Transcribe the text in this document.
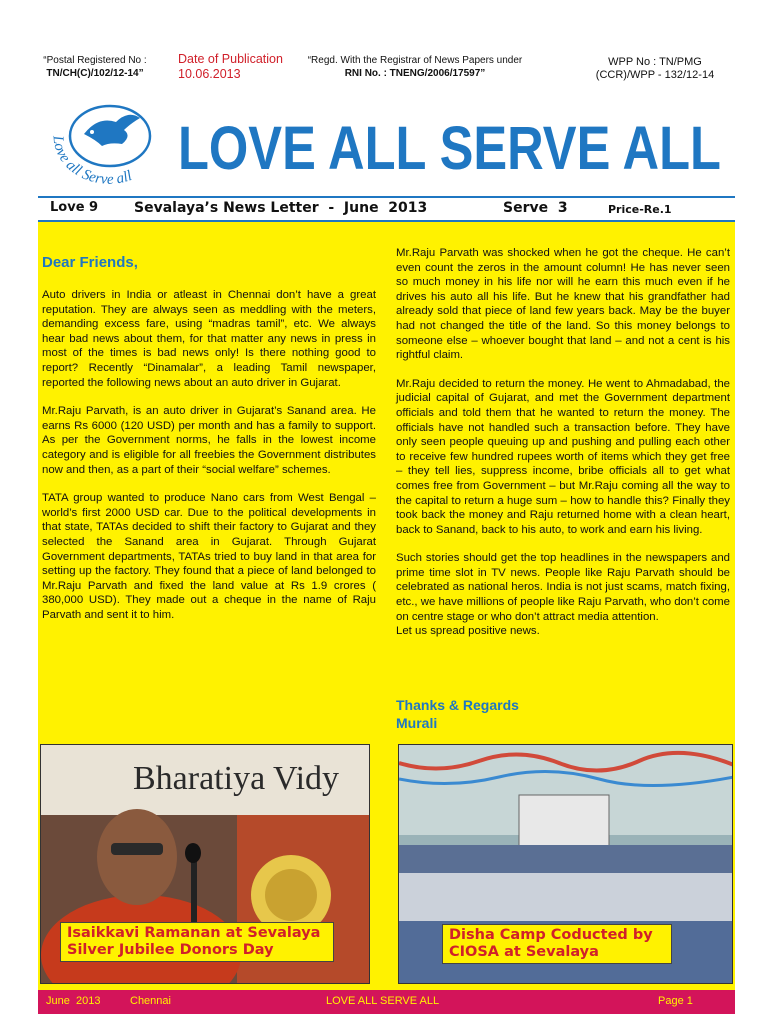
“Postal Registered No :
TN/CH(C)/102/12-14”
Date of Publication
10.06.2013
“Regd. With the Registrar of News Papers under
RNI No. : TNENG/2006/17597”
WPP No : TN/PMG
(CCR)/WPP - 132/12-14
Love all Serve all LOVE ALL SERVE ALL
Love 9	Sevalaya’s News Letter  -  June  2013	Serve  3	Price-Re.1
Dear Friends,

Auto drivers in India or atleast in Chennai don’t have a great reputation. They are always seen as meddling with the meters, demanding excess fare, using “madras tamil”, etc. We always hear bad news about them, for that matter any news in press in most of the times is bad news only! Is there nothing good to report? Recently “Dinamalar”, a leading Tamil newspaper, reported the following news about an auto driver in Gujarat.

Mr.Raju Parvath, is an auto driver in Gujarat’s Sanand area. He earns Rs 6000 (120 USD) per month and has a family to support. As per the Government norms, he falls in the lowest income category and is eligible for all freebies the Government distributes now and then, as a part of their “social welfare” schemes.

TATA group wanted to produce Nano cars from West Bengal – world’s first 2000 USD car. Due to the political developments in that state, TATAs decided to shift their factory to Gujarat and they selected the Sanand area in Gujarat. Through Gujarat Government departments, TATAs tried to buy land in that area for setting up the factory. They found that a piece of land belonged to Mr.Raju Parvath and fixed the land value at Rs 1.9 crores ( 380,000 USD). They made out a cheque in the name of Raju Parvath and sent it to him.

Mr.Raju Parvath was shocked when he got the cheque. He can’t even count the zeros in the amount column! He has never seen so much money in his life nor will he earn this much even if he drives his auto all his life. But he knew that his grandfather had already sold that piece of land few years back. May be the buyer had not changed the title of the land. So this money belongs to someone else – whoever bought that land – and not a cent is his rightful claim.

Mr.Raju decided to return the money. He went to Ahmadabad, the judicial capital of Gujarat, and met the Government department officials and told them that he wanted to return the money. The officials have not handled such a transaction before. They have only seen people queuing up and pushing and pulling each other to receive few hundred rupees worth of items which they get free – they tell lies, suppress income, bribe officials all to get what comes free from Government – but Mr.Raju coming all the way to the capital to return a huge sum – how to handle this? Finally they took back the money and Raju returned home with a clean heart, back to Sanand, back to his auto, to work and earn his living.

Such stories should get the top headlines in the newspapers and prime time slot in TV news. People like Raju Parvath should be celebrated as national heros. India is not just scams, match fixing, etc., we have millions of people like Raju Parvath, who don’t come on centre stage or who don’t attract media attention.
Let us spread positive news.

Thanks & Regards
Murali
Bharatiya Vidy
Isaikkavi Ramanan at Sevalaya
Silver Jubilee Donors Day
Disha Camp Coducted by
CIOSA at Sevalaya
June  2013	Chennai	LOVE ALL SERVE ALL	Page 1
